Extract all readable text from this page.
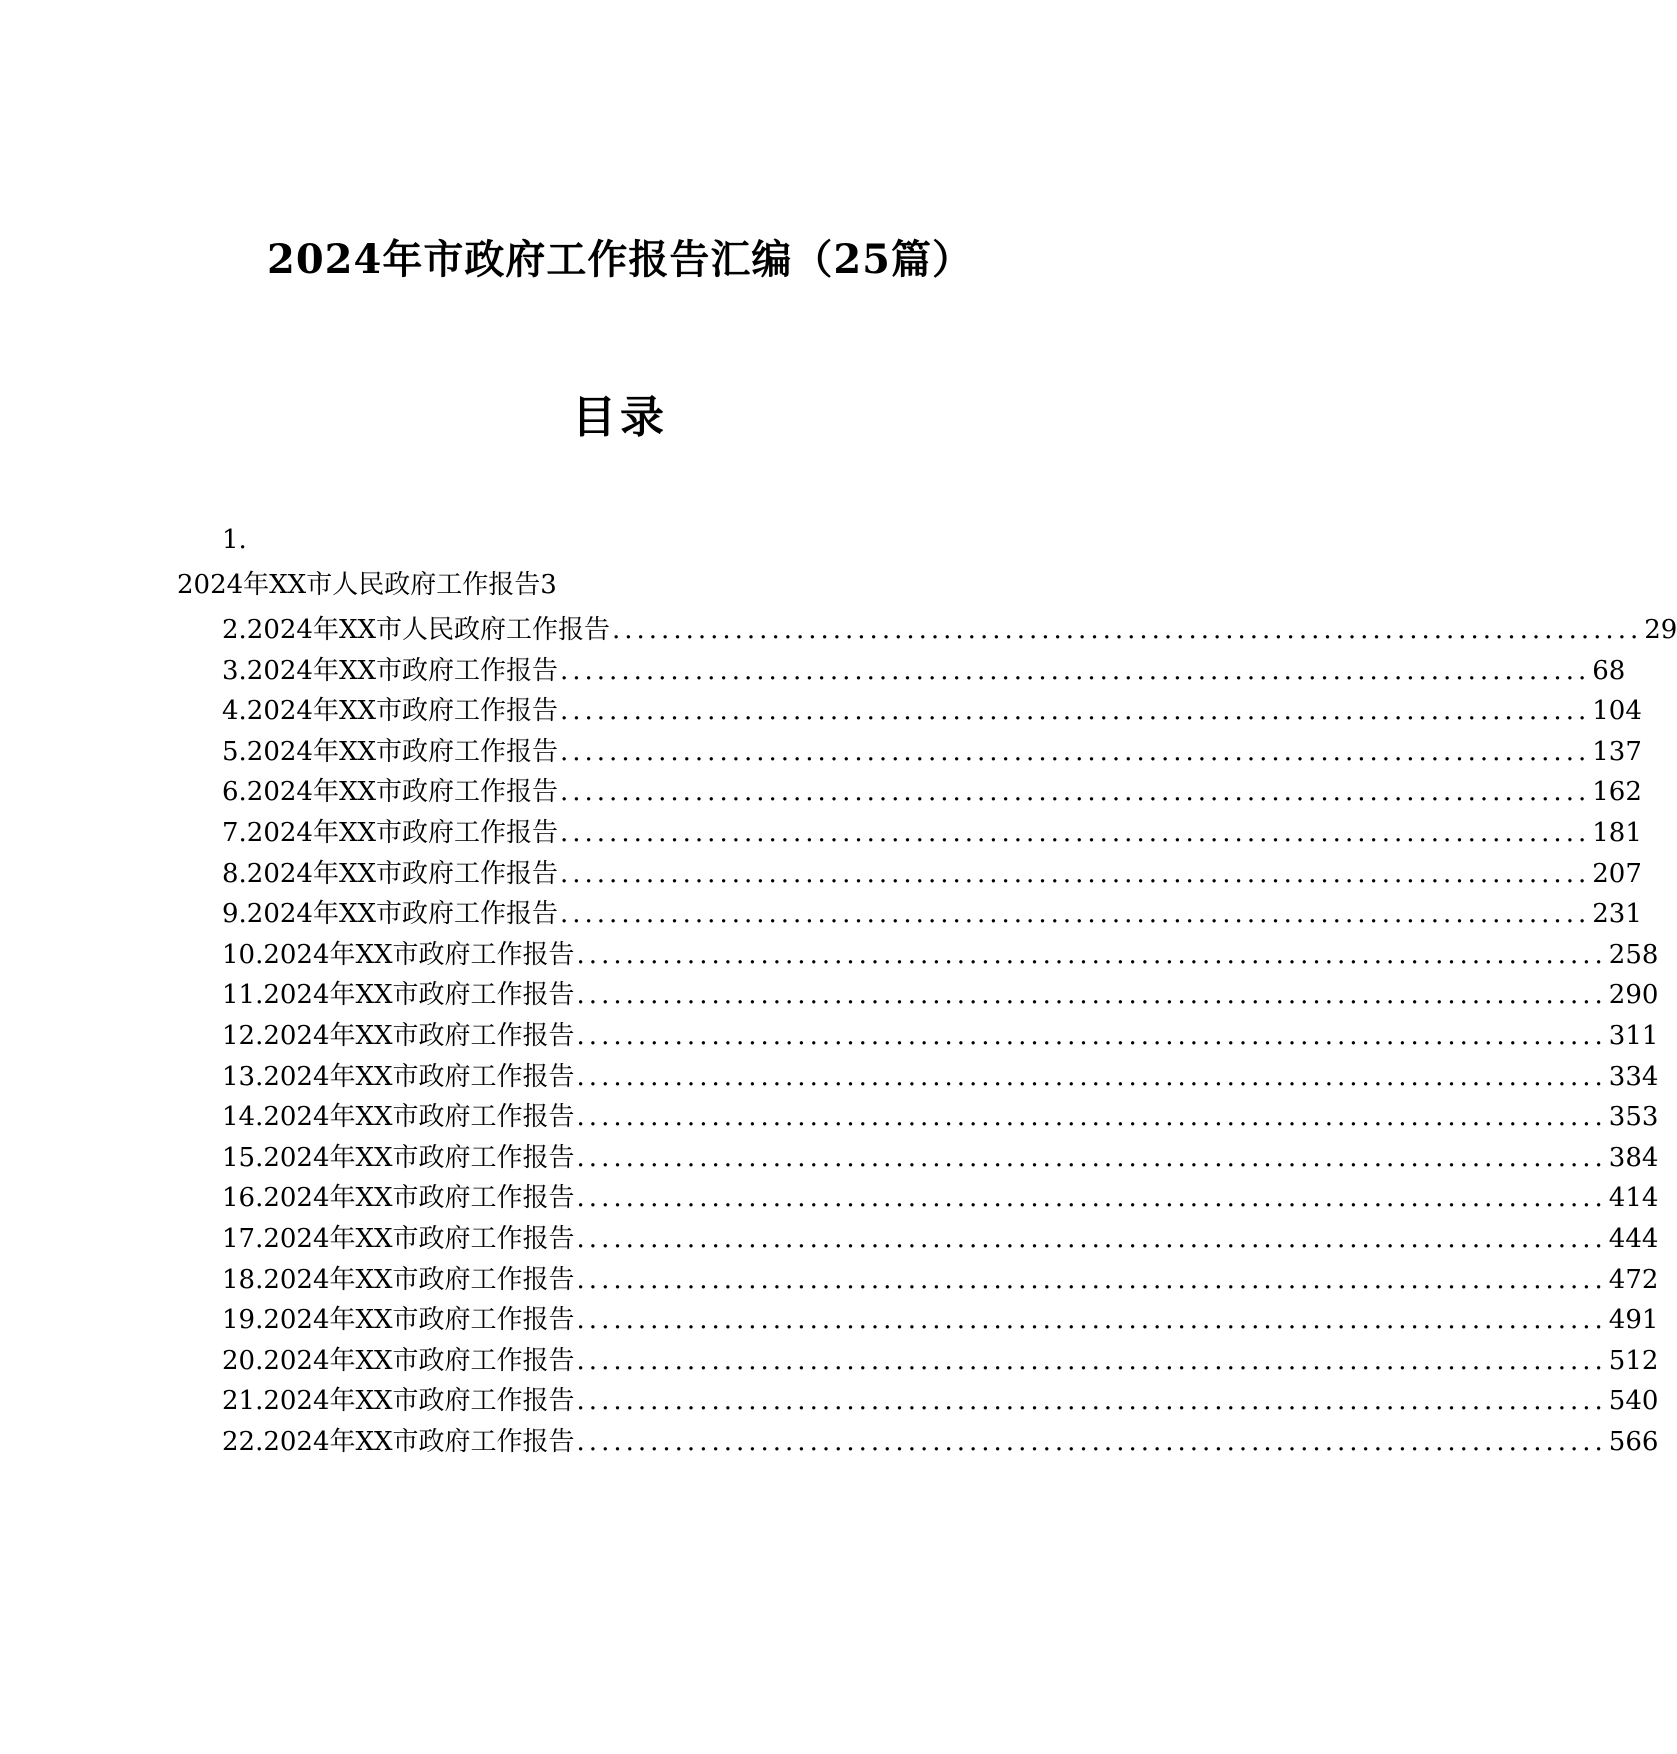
2024年市政府工作报告汇编（25篇）
目录
1.
2024年XX市人民政府工作报告3
2.2024年XX市人民政府工作报告 .................................................................................... 29
3.2024年XX市政府工作报告 .................................................................................... 68
4.2024年XX市政府工作报告 .................................................................................... 104
5.2024年XX市政府工作报告 .................................................................................... 137
6.2024年XX市政府工作报告 .................................................................................... 162
7.2024年XX市政府工作报告 .................................................................................... 181
8.2024年XX市政府工作报告 .................................................................................... 207
9.2024年XX市政府工作报告 .................................................................................... 231
10.2024年XX市政府工作报告 .................................................................................... 258
11.2024年XX市政府工作报告 .................................................................................... 290
12.2024年XX市政府工作报告 .................................................................................... 311
13.2024年XX市政府工作报告 .................................................................................... 334
14.2024年XX市政府工作报告 .................................................................................... 353
15.2024年XX市政府工作报告 .................................................................................... 384
16.2024年XX市政府工作报告 .................................................................................... 414
17.2024年XX市政府工作报告 .................................................................................... 444
18.2024年XX市政府工作报告 .................................................................................... 472
19.2024年XX市政府工作报告 .................................................................................... 491
20.2024年XX市政府工作报告 .................................................................................... 512
21.2024年XX市政府工作报告 .................................................................................... 540
22.2024年XX市政府工作报告 .................................................................................... 566
